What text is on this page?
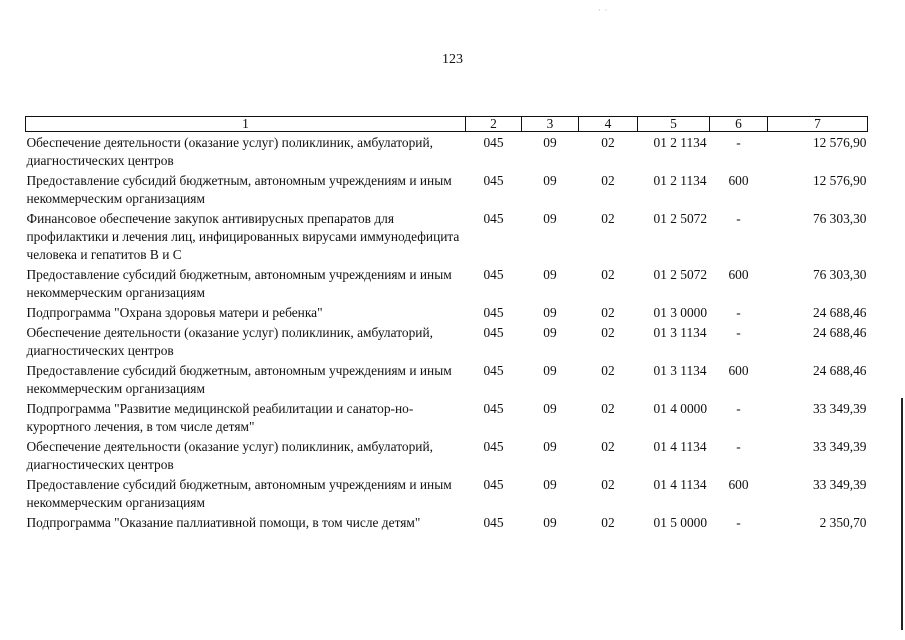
· ·
123
1	2	3	4	5	6	7
Обеспечение деятельности (оказание услуг) поликлиник, амбулаторий, диагностических центров	045	09	02	01 2 1134	-	12 576,90
Предоставление субсидий бюджетным, автономным учреждениям и иным некоммерческим организациям	045	09	02	01 2 1134	600	12 576,90
Финансовое обеспечение закупок антивирусных препаратов для профилактики и лечения лиц, инфицированных вирусами иммунодефицита человека и гепатитов В и С	045	09	02	01 2 5072	-	76 303,30
Предоставление субсидий бюджетным, автономным учреждениям и иным некоммерческим организациям	045	09	02	01 2 5072	600	76 303,30
Подпрограмма "Охрана здоровья матери и ребенка"	045	09	02	01 3 0000	-	24 688,46
Обеспечение деятельности (оказание услуг) поликлиник, амбулаторий, диагностических центров	045	09	02	01 3 1134	-	24 688,46
Предоставление субсидий бюджетным, автономным учреждениям и иным некоммерческим организациям	045	09	02	01 3 1134	600	24 688,46
Подпрограмма "Развитие медицинской реабилитации и санатор-но-курортного лечения, в том числе детям"	045	09	02	01 4 0000	-	33 349,39
Обеспечение деятельности (оказание услуг) поликлиник, амбулаторий, диагностических центров	045	09	02	01 4 1134	-	33 349,39
Предоставление субсидий бюджетным, автономным учреждениям и иным некоммерческим организациям	045	09	02	01 4 1134	600	33 349,39
Подпрограмма "Оказание паллиативной помощи, в том числе детям"	045	09	02	01 5 0000	-	2 350,70
